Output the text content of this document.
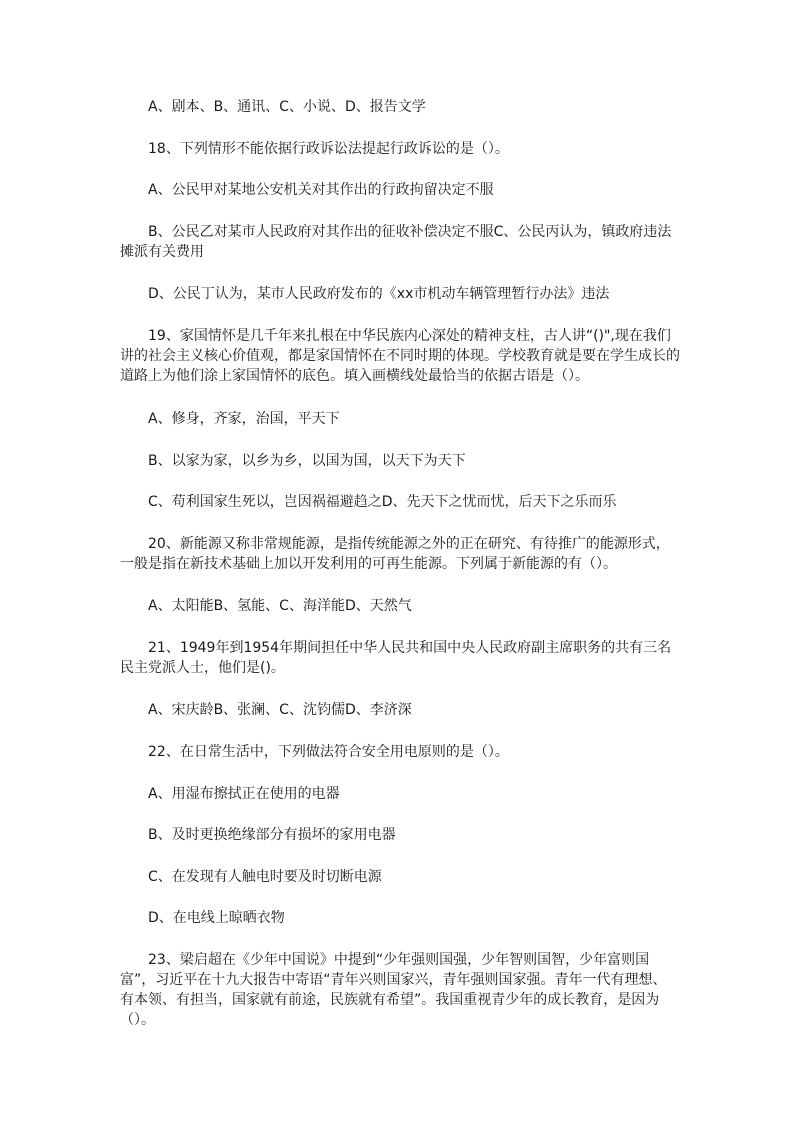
A、剧本、B、通讯、C、小说、D、报告文学

18、下列情形不能依据行政诉讼法提起行政诉讼的是（）。

A、公民甲对某地公安机关对其作出的行政拘留决定不服

B、公民乙对某市人民政府对其作出的征收补偿决定不服C、公民丙认为，镇政府违法摊派有关费用

D、公民丁认为，某市人民政府发布的《xx市机动车辆管理暂行办法》违法

19、家国情怀是几千年来扎根在中华民族内心深处的精神支柱，古人讲“()",现在我们讲的社会主义核心价值观，都是家国情怀在不同时期的体现。学校教育就是要在学生成长的道路上为他们涂上家国情怀的底色。填入画横线处最恰当的依据古语是（）。

A、修身，齐家，治国，平天下

B、以家为家，以乡为乡，以国为国，以天下为天下

C、苟利国家生死以，岂因祸福避趋之D、先天下之忧而忧，后天下之乐而乐

20、新能源又称非常规能源，是指传统能源之外的正在研究、有待推广的能源形式，一般是指在新技术基础上加以开发利用的可再生能源。下列属于新能源的有（）。

A、太阳能B、氢能、C、海洋能D、天然气

21、1949年到1954年期间担任中华人民共和国中央人民政府副主席职务的共有三名民主党派人士，他们是()。

A、宋庆龄B、张澜、C、沈钧儒D、李济深

22、在日常生活中，下列做法符合安全用电原则的是（）。

A、用湿布擦拭正在使用的电器

B、及时更换绝缘部分有损坏的家用电器

C、在发现有人触电时要及时切断电源

D、在电线上晾晒衣物

23、梁启超在《少年中国说》中提到“少年强则国强，少年智则国智，少年富则国富”，习近平在十九大报告中寄语“青年兴则国家兴，青年强则国家强。青年一代有理想、有本领、有担当，国家就有前途，民族就有希望”。我国重视青少年的成长教育，是因为（）。
